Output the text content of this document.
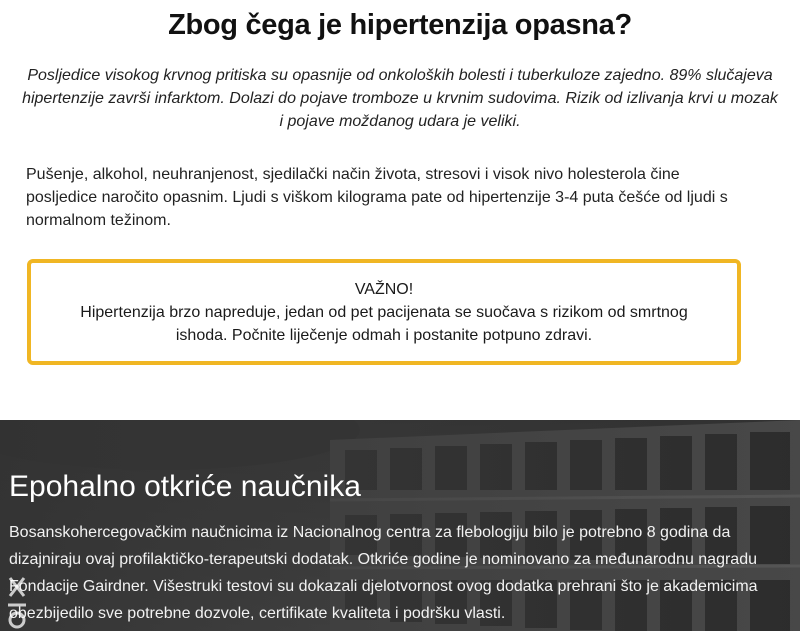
Zbog čega je hipertenzija opasna?

Posljedice visokog krvnog pritiska su opasnije od onkoloških bolesti i tuberkuloze zajedno. 89% slučajeva hipertenzije završi infarktom. Dolazi do pojave tromboze u krvnim sudovima. Rizik od izlivanja krvi u mozak i pojave moždanog udara je veliki.

Pušenje, alkohol, neuhranjenost, sjedilački način života, stresovi i visok nivo holesterola čine posljedice naročito opasnim. Ljudi s viškom kilograma pate od hipertenzije 3-4 puta češće od ljudi s normalnom težinom.

VAŽNO!
Hipertenzija brzo napreduje, jedan od pet pacijenata se suočava s rizikom od smrtnog ishoda. Počnite liječenje odmah i postanite potpuno zdravi.
Epohalno otkriće naučnika

Bosanskohercegovačkim naučnicima iz Nacionalnog centra za flebologiju bilo je potrebno 8 godina da dizajniraju ovaj profilaktičko-terapeutski dodatak. Otkriće godine je nominovano za međunarodnu nagradu Fondacije Gairdner. Višestruki testovi su dokazali djelotvornost ovog dodatka prehrani što je akademicima obezbijedilo sve potrebne dozvole, certifikate kvaliteta i podršku vlasti.
